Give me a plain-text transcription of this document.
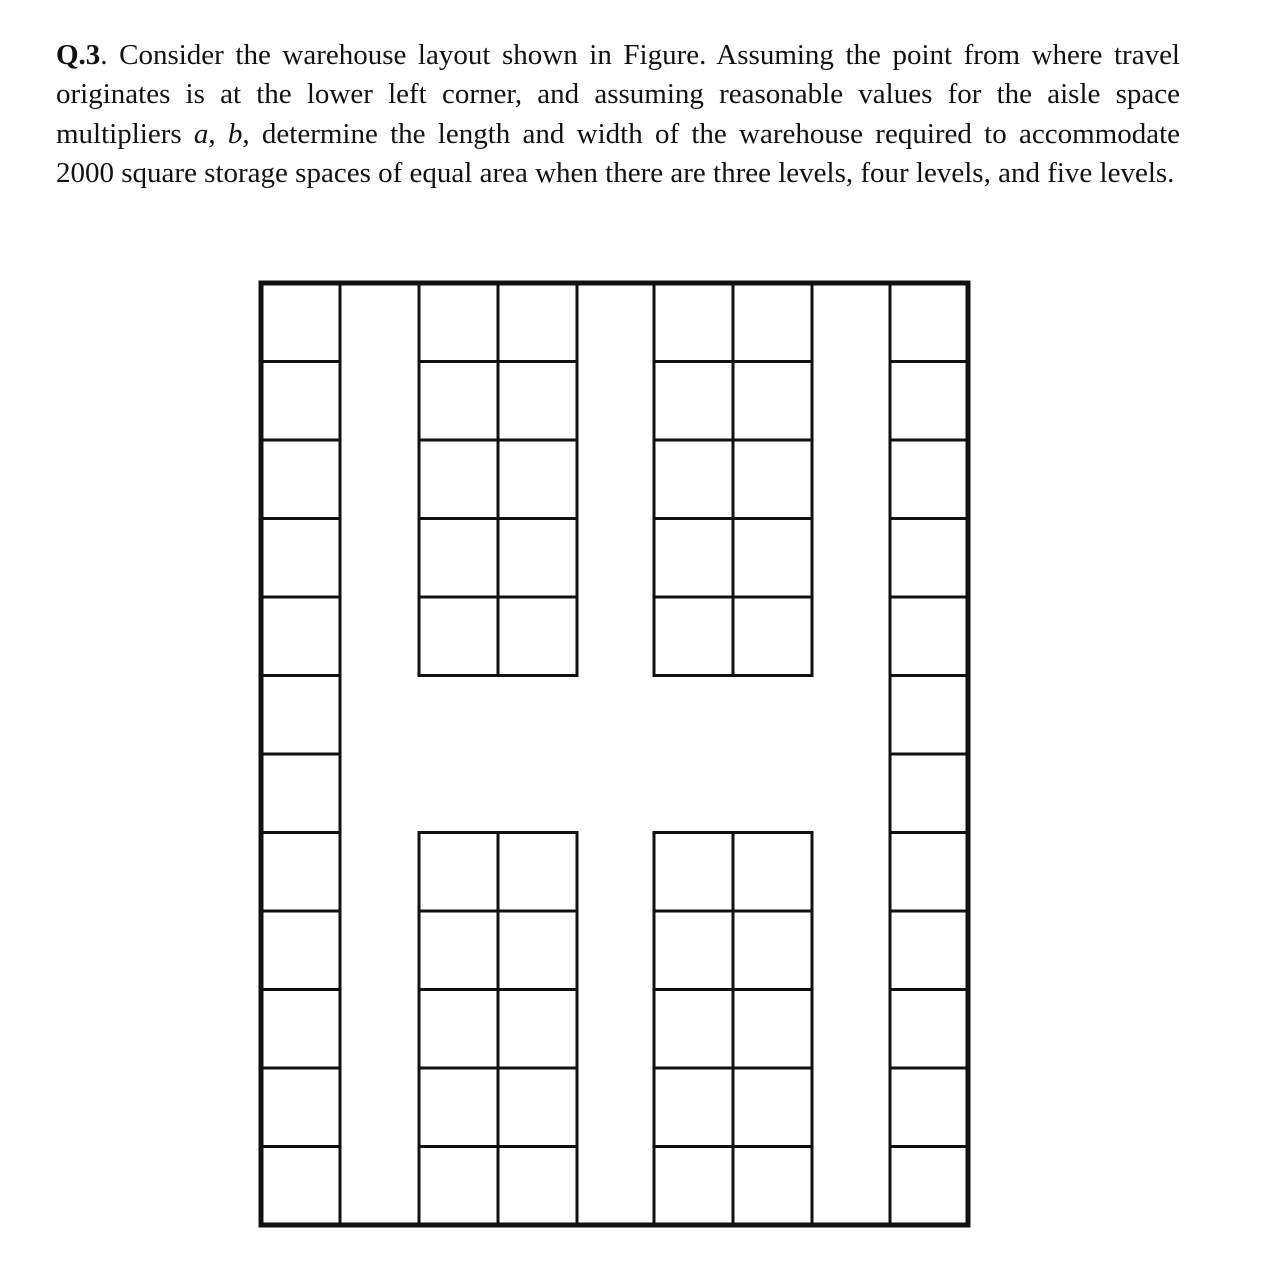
Q.3. Consider the warehouse layout shown in Figure. Assuming the point from where travel originates is at the lower left corner, and assuming reasonable values for the aisle space multipliers a, b, determine the length and width of the warehouse required to accommodate 2000 square storage spaces of equal area when there are three levels, four levels, and five levels.
